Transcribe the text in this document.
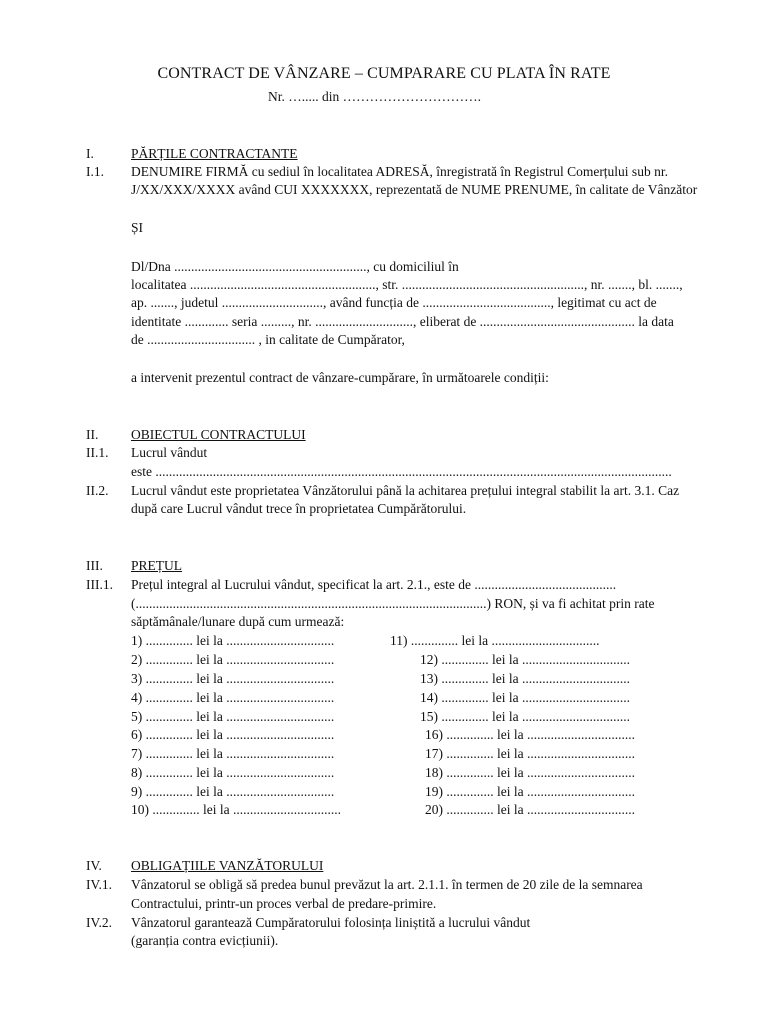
CONTRACT DE VÂNZARE – CUMPARARE CU PLATA ÎN RATE
Nr. …..... din ………………………….
I.	PĂRȚILE CONTRACTANTE
I.1. DENUMIRE FIRMĂ cu sediul în localitatea ADRESĂ, înregistrată în Registrul Comerțului sub nr.
J/XX/XXX/XXXX având CUI XXXXXXX, reprezentată de NUME PRENUME, în calitate de Vânzător
ȘI
Dl/Dna ........................................................., cu domiciliul în
localitatea ......................................................., str. ......................................................, nr. ......., bl. .......,
ap. ......., judetul .............................., având funcția de ......................................, legitimat cu act de
identitate ............. seria ........., nr. ............................., eliberat de .............................................. la data
de ................................ , in calitate de Cumpărator,
a intervenit prezentul contract de vânzare-cumpărare, în următoarele condiții:
II. OBIECTUL CONTRACTULUI
II.1. Lucrul vândut
este .........................................................................................................................................................
II.2. Lucrul vândut este proprietatea Vânzătorului până la achitarea prețului integral stabilit la art. 3.1. Caz
după care Lucrul vândut trece în proprietatea Cumpărătorului.
III. PREȚUL
III.1. Prețul integral al Lucrului vândut, specificat la art. 2.1., este de ..........................................
(........................................................................................................) RON, și va fi achitat prin rate
săptămânale/lunare după cum urmează:
1) .............. lei la ................................
2) .............. lei la ................................
3) .............. lei la ................................
4) .............. lei la ................................
5) .............. lei la ................................
6) .............. lei la ................................
7) .............. lei la ................................
8) .............. lei la ................................
9) .............. lei la ................................
10) .............. lei la ................................
11) .............. lei la ................................
12) .............. lei la ................................
13) .............. lei la ................................
14) .............. lei la ................................
15) .............. lei la ................................
16) .............. lei la ................................
17) .............. lei la ................................
18) .............. lei la ................................
19) .............. lei la ................................
20) .............. lei la ................................
IV. OBLIGAȚIILE VANZĂTORULUI
IV.1. Vânzatorul se obligă să predea bunul prevăzut la art. 2.1.1. în termen de 20 zile de la semnarea
Contractului, printr-un proces verbal de predare-primire.
IV.2. Vânzatorul garantează Cumpăratorului folosința liniștită a lucrului vândut
(garanția contra evicțiunii).
